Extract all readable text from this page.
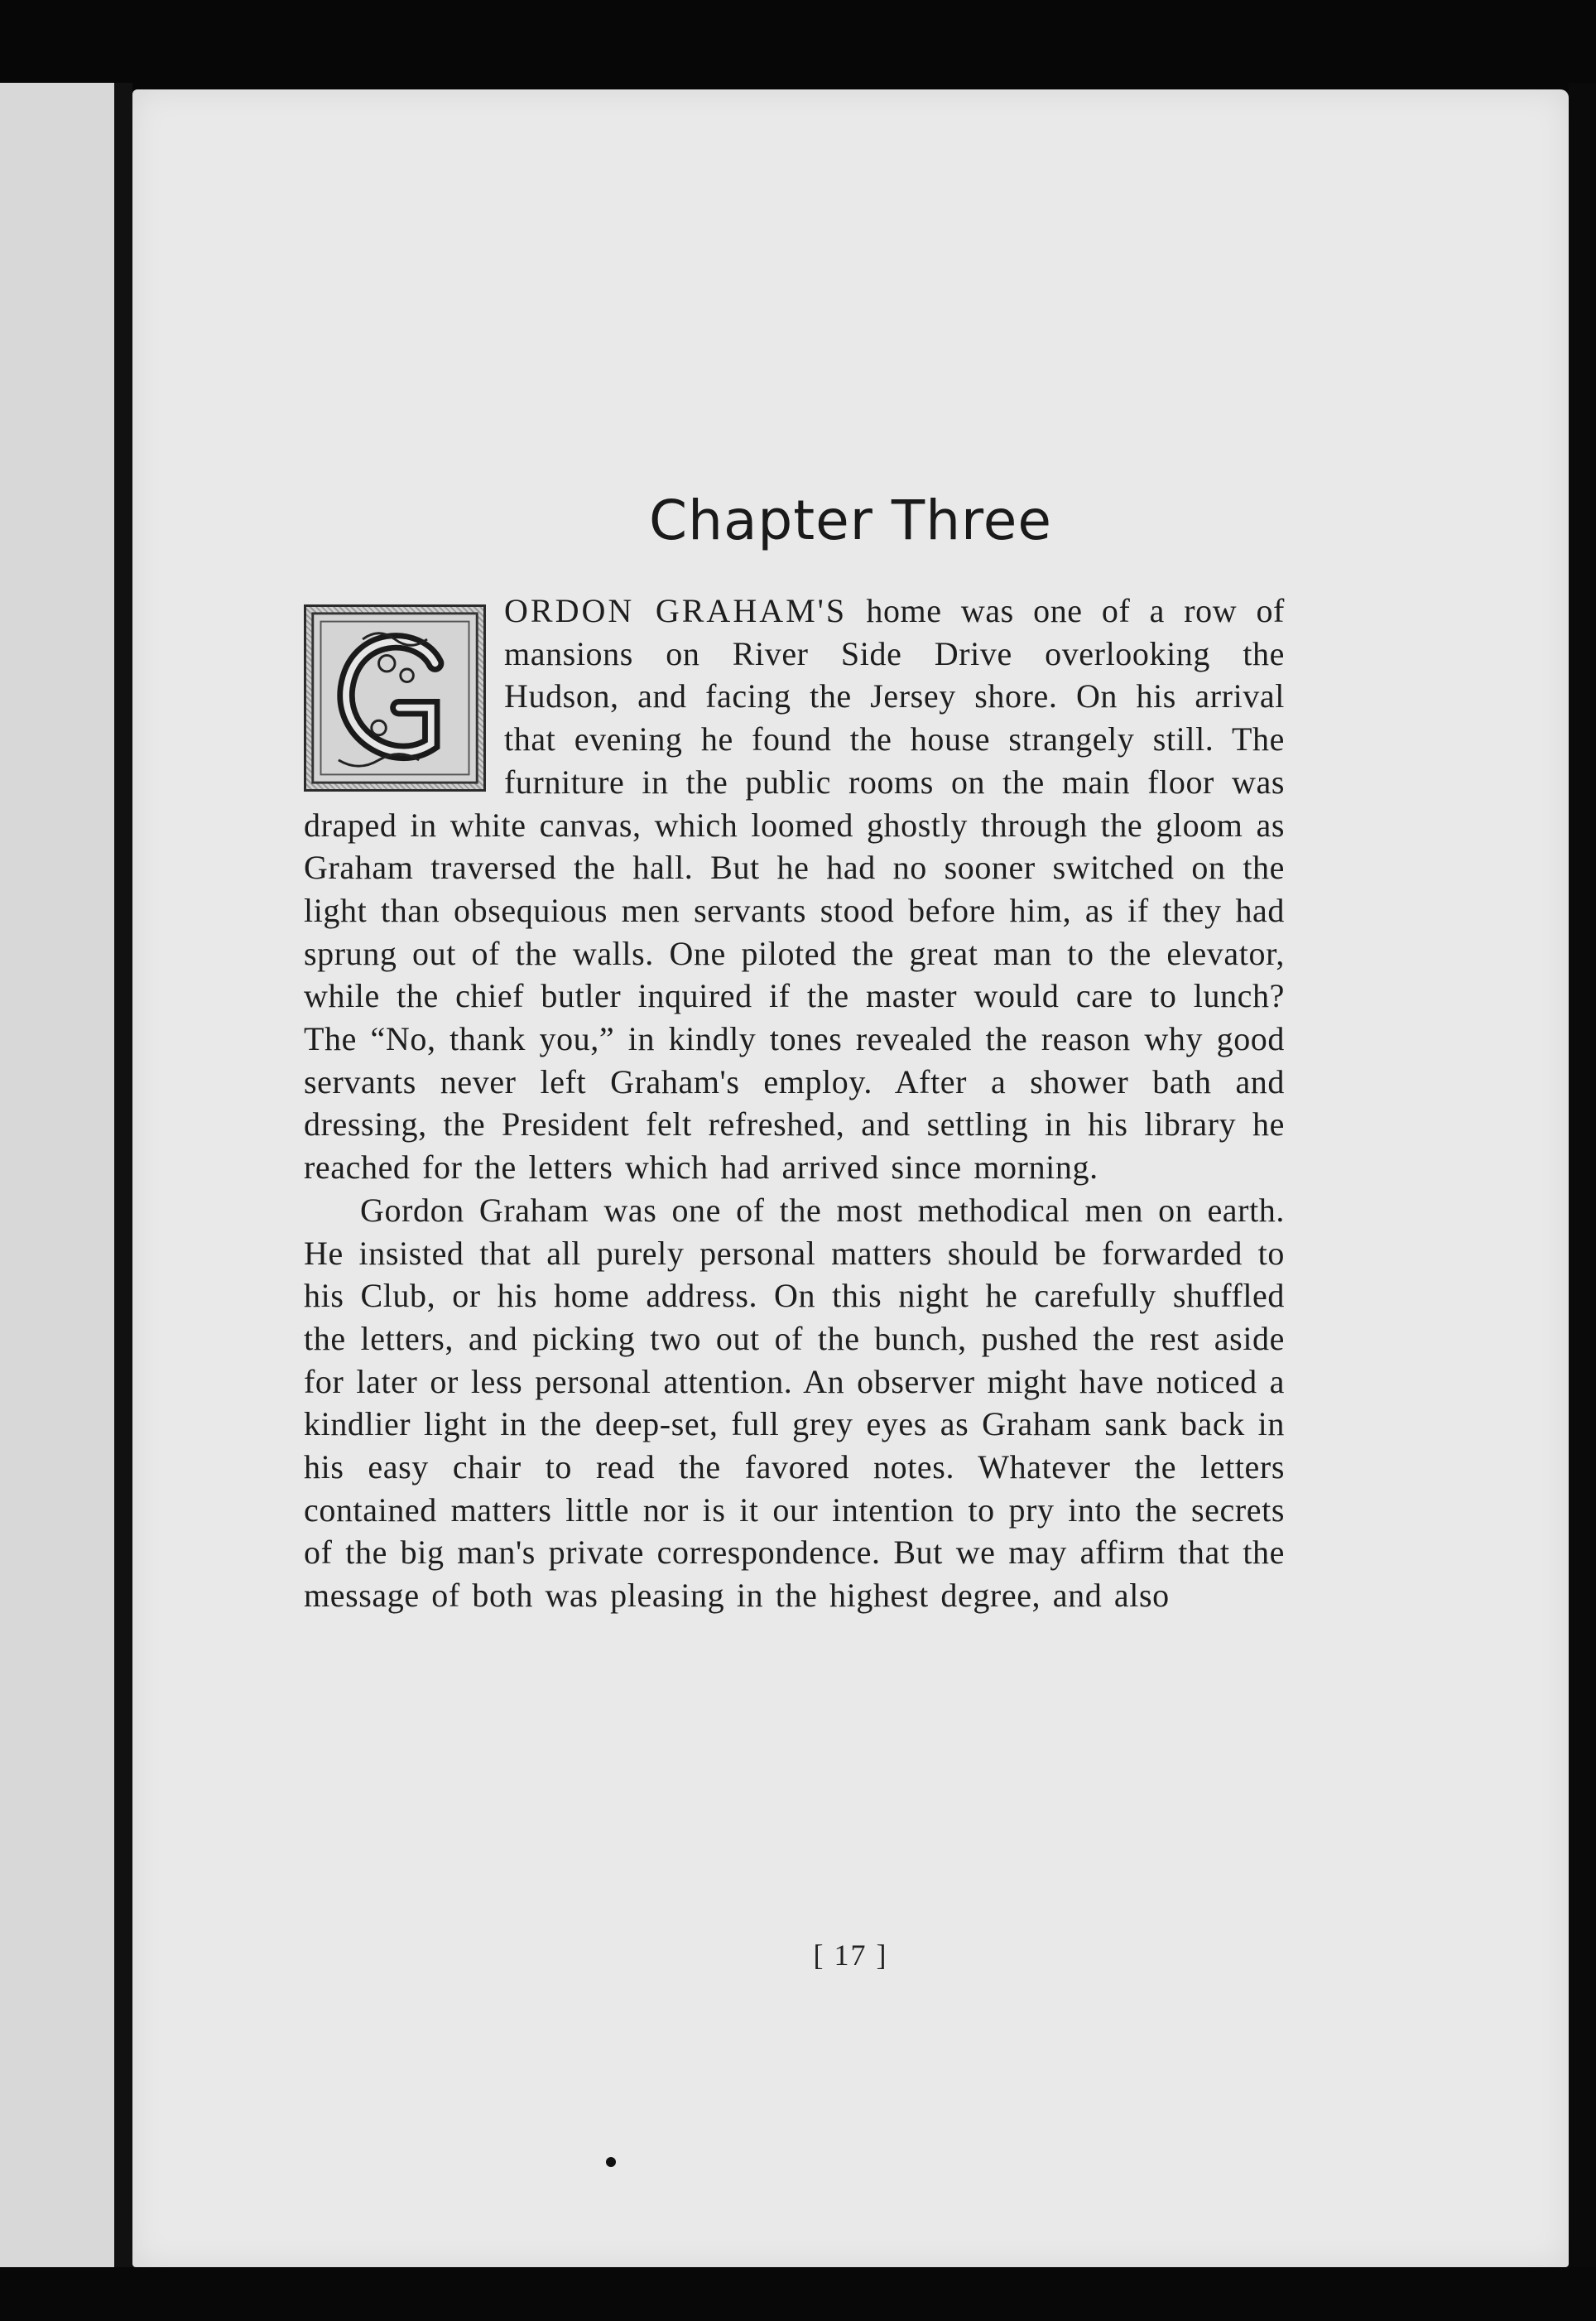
Chapter Three

ORDON GRAHAM'S home was one of a row of mansions on River Side Drive overlooking the Hudson, and facing the Jersey shore. On his arrival that evening he found the house strangely still. The furniture in the public rooms on the main floor was draped in white canvas, which loomed ghostly through the gloom as Graham traversed the hall. But he had no sooner switched on the light than obsequious men servants stood before him, as if they had sprung out of the walls. One piloted the great man to the elevator, while the chief butler inquired if the master would care to lunch? The “No, thank you,” in kindly tones revealed the reason why good servants never left Graham's employ. After a shower bath and dressing, the President felt refreshed, and settling in his library he reached for the letters which had arrived since morning.

Gordon Graham was one of the most methodical men on earth. He insisted that all purely personal matters should be forwarded to his Club, or his home address. On this night he carefully shuffled the letters, and picking two out of the bunch, pushed the rest aside for later or less personal attention. An observer might have noticed a kindlier light in the deep-set, full grey eyes as Graham sank back in his easy chair to read the favored notes. Whatever the letters contained matters little nor is it our intention to pry into the secrets of the big man's private correspondence. But we may affirm that the message of both was pleasing in the highest degree, and also

[ 17 ]
